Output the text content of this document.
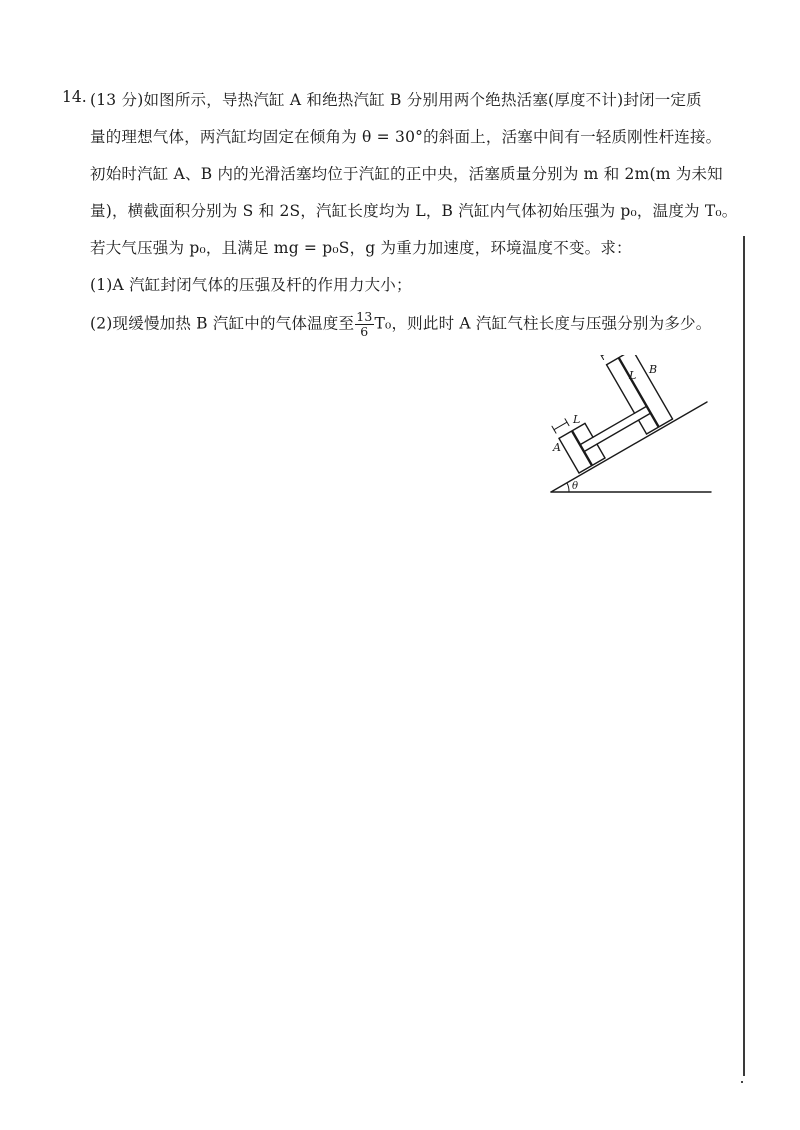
14. (13 分)如图所示，导热汽缸 A 和绝热汽缸 B 分别用两个绝热活塞(厚度不计)封闭一定质
量的理想气体，两汽缸均固定在倾角为 θ = 30°的斜面上，活塞中间有一轻质刚性杆连接。
初始时汽缸 A、B 内的光滑活塞均位于汽缸的正中央，活塞质量分别为 m 和 2m(m 为未知
量)，横截面积分别为 S 和 2S，汽缸长度均为 L，B 汽缸内气体初始压强为 p₀，温度为 T₀。
若大气压强为 p₀，且满足 mg = p₀S，g 为重力加速度，环境温度不变。求：
(1)A 汽缸封闭气体的压强及杆的作用力大小；
(2)现缓慢加热 B 汽缸中的气体温度至 $\frac{13}{6} T_0$，则此时 A 汽缸气柱长度与压强分别为多少。
A
B
L
L
θ
